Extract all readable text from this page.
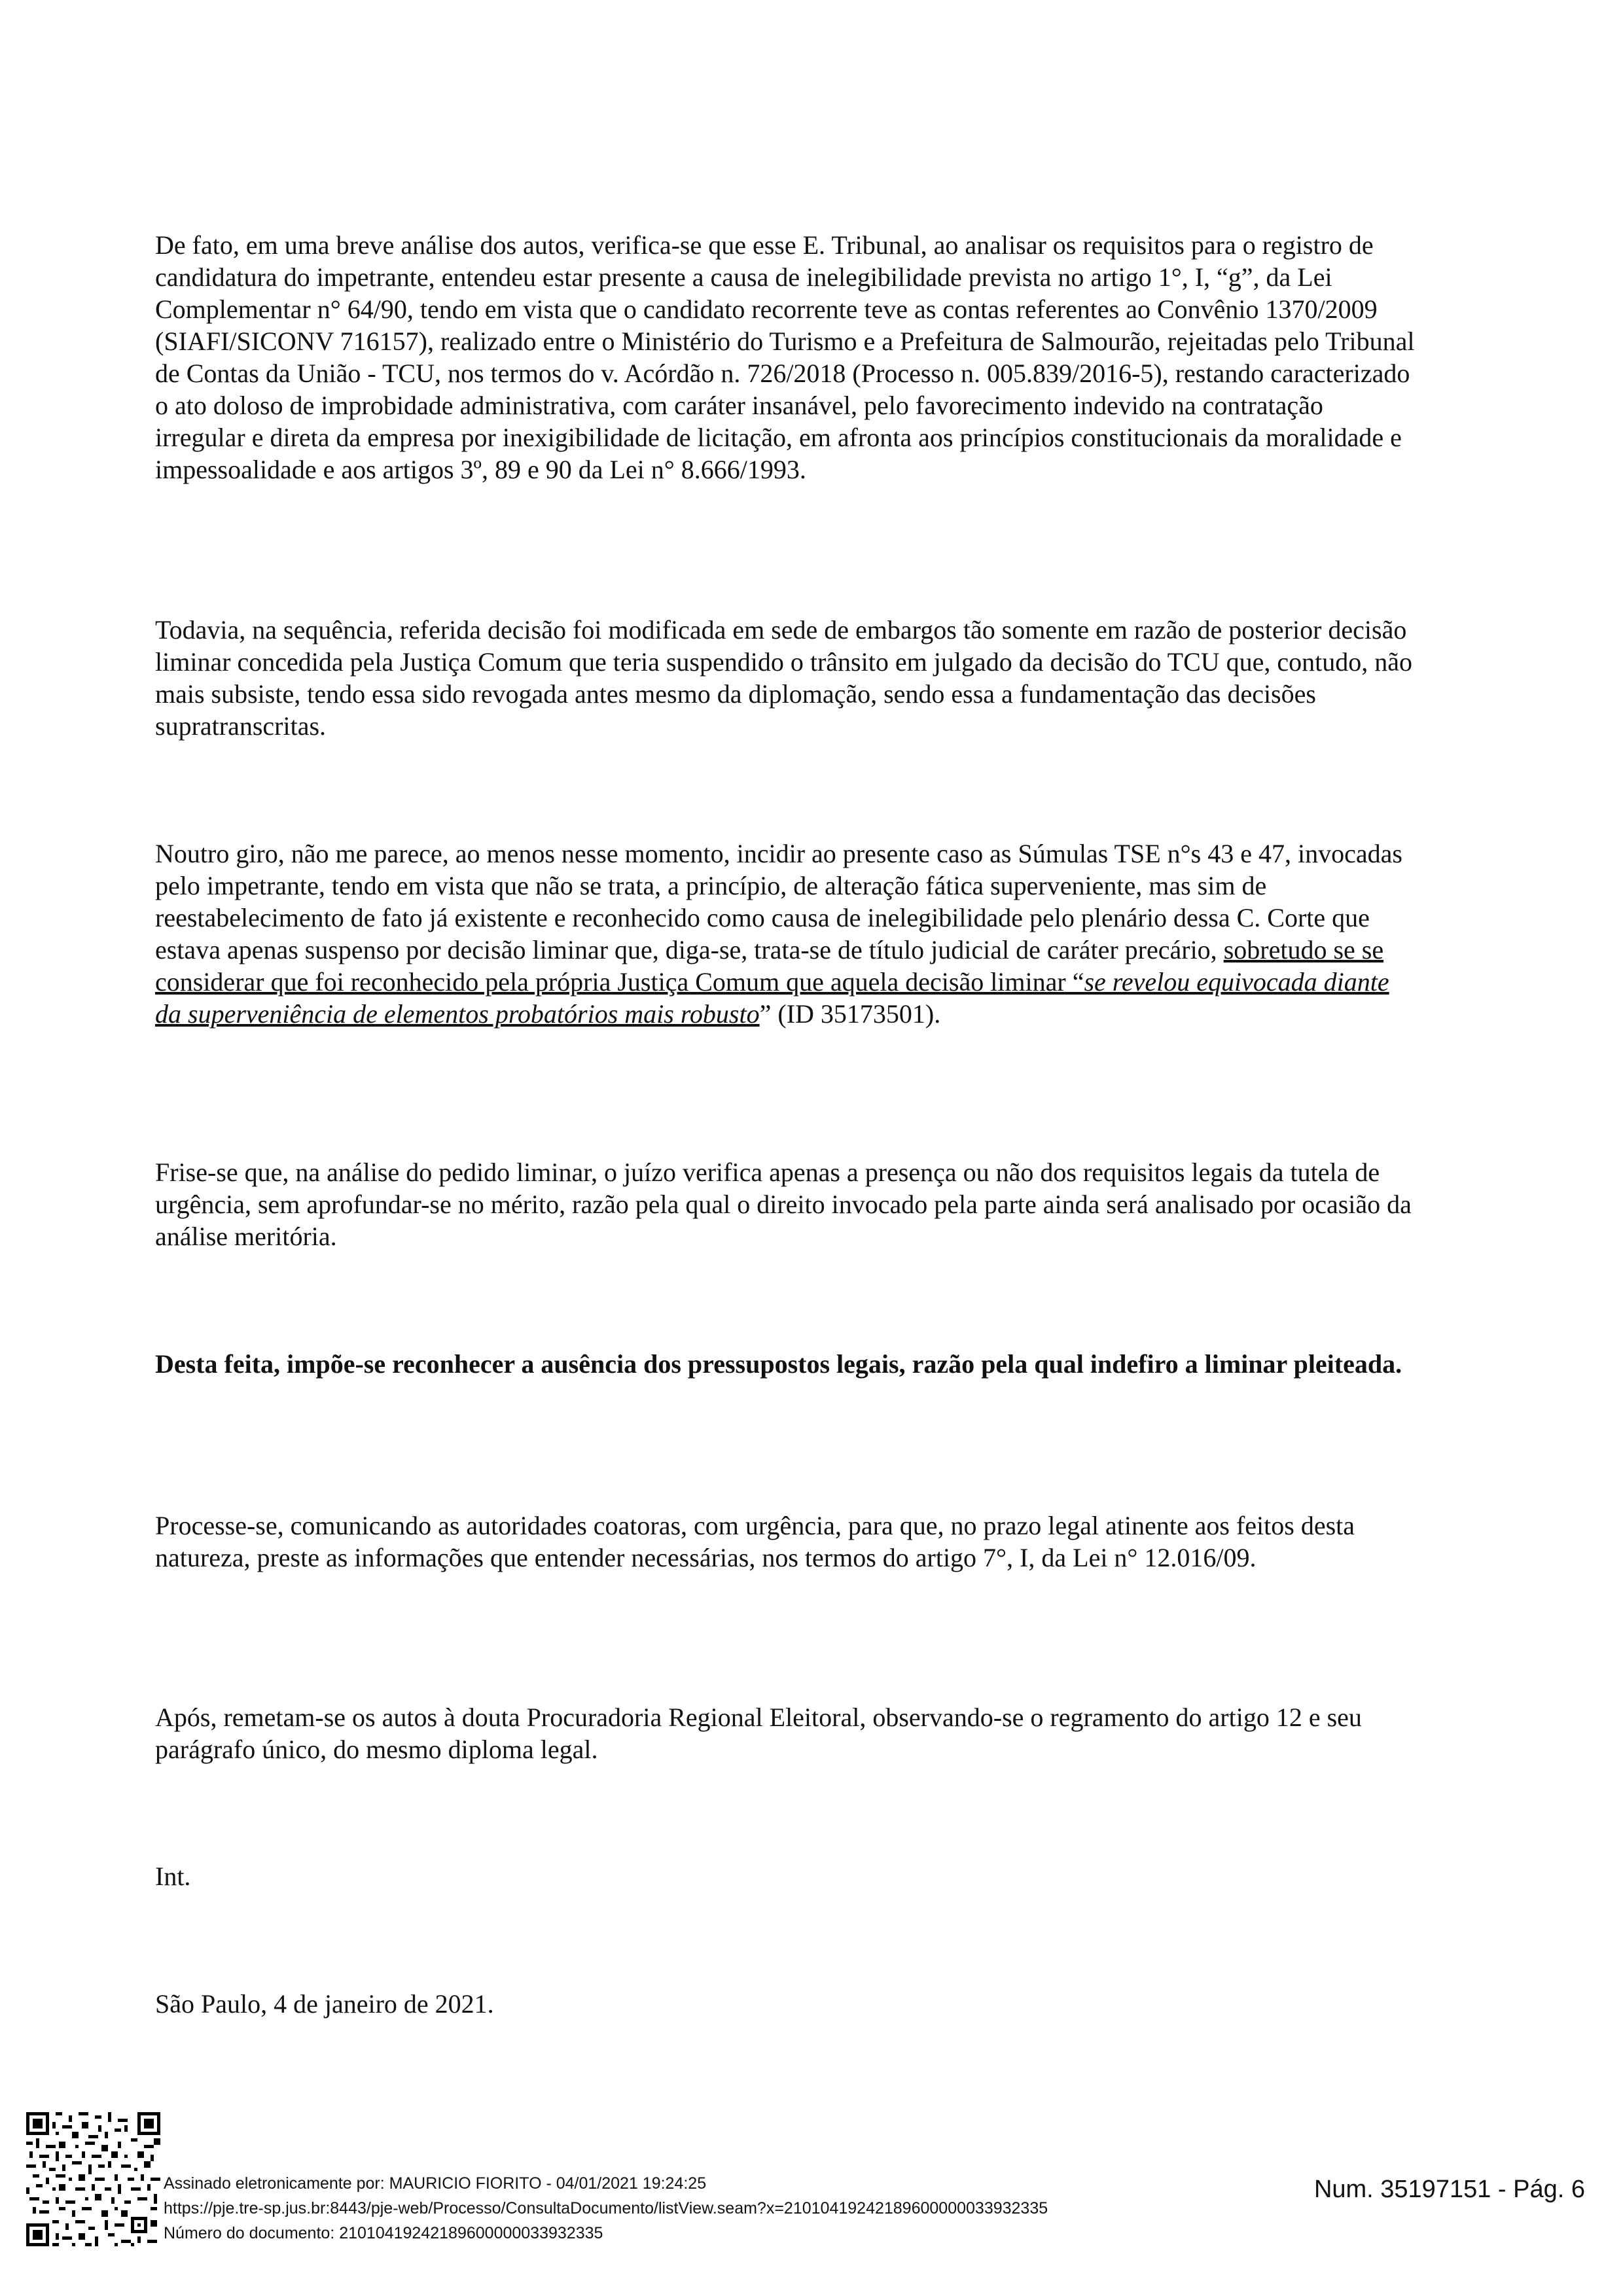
De fato, em uma breve análise dos autos, verifica-se que esse E. Tribunal, ao analisar os requisitos para o registro de candidatura do impetrante, entendeu estar presente a causa de inelegibilidade prevista no artigo 1°, I, “g”, da Lei Complementar n° 64/90, tendo em vista que o candidato recorrente teve as contas referentes ao Convênio 1370/2009 (SIAFI/SICONV 716157), realizado entre o Ministério do Turismo e a Prefeitura de Salmourão, rejeitadas pelo Tribunal de Contas da União - TCU, nos termos do v. Acórdão n. 726/2018 (Processo n. 005.839/2016-5), restando caracterizado o ato doloso de improbidade administrativa, com caráter insanável, pelo favorecimento indevido na contratação irregular e direta da empresa por inexigibilidade de licitação, em afronta aos princípios constitucionais da moralidade e impessoalidade e aos artigos 3º, 89 e 90 da Lei n° 8.666/1993.

Todavia, na sequência, referida decisão foi modificada em sede de embargos tão somente em razão de posterior decisão liminar concedida pela Justiça Comum que teria suspendido o trânsito em julgado da decisão do TCU que, contudo, não mais subsiste, tendo essa sido revogada antes mesmo da diplomação, sendo essa a fundamentação das decisões supratranscritas.

Noutro giro, não me parece, ao menos nesse momento, incidir ao presente caso as Súmulas TSE n°s 43 e 47, invocadas pelo impetrante, tendo em vista que não se trata, a princípio, de alteração fática superveniente, mas sim de reestabelecimento de fato já existente e reconhecido como causa de inelegibilidade pelo plenário dessa C. Corte que estava apenas suspenso por decisão liminar que, diga-se, trata-se de título judicial de caráter precário, sobretudo se se considerar que foi reconhecido pela própria Justiça Comum que aquela decisão liminar “se revelou equivocada diante da superveniência de elementos probatórios mais robusto” (ID 35173501).

Frise-se que, na análise do pedido liminar, o juízo verifica apenas a presença ou não dos requisitos legais da tutela de urgência, sem aprofundar-se no mérito, razão pela qual o direito invocado pela parte ainda será analisado por ocasião da análise meritória.

Desta feita, impõe-se reconhecer a ausência dos pressupostos legais, razão pela qual indefiro a liminar pleiteada.

Processe-se, comunicando as autoridades coatoras, com urgência, para que, no prazo legal atinente aos feitos desta natureza, preste as informações que entender necessárias, nos termos do artigo 7°, I, da Lei n° 12.016/09.

Após, remetam-se os autos à douta Procuradoria Regional Eleitoral, observando-se o regramento do artigo 12 e seu parágrafo único, do mesmo diploma legal.

Int.

São Paulo, 4 de janeiro de 2021.

Assinado eletronicamente por: MAURICIO FIORITO - 04/01/2021 19:24:25
https://pje.tre-sp.jus.br:8443/pje-web/Processo/ConsultaDocumento/listView.seam?x=21010419242189600000033932335
Número do documento: 21010419242189600000033932335
Num. 35197151 - Pág. 6
